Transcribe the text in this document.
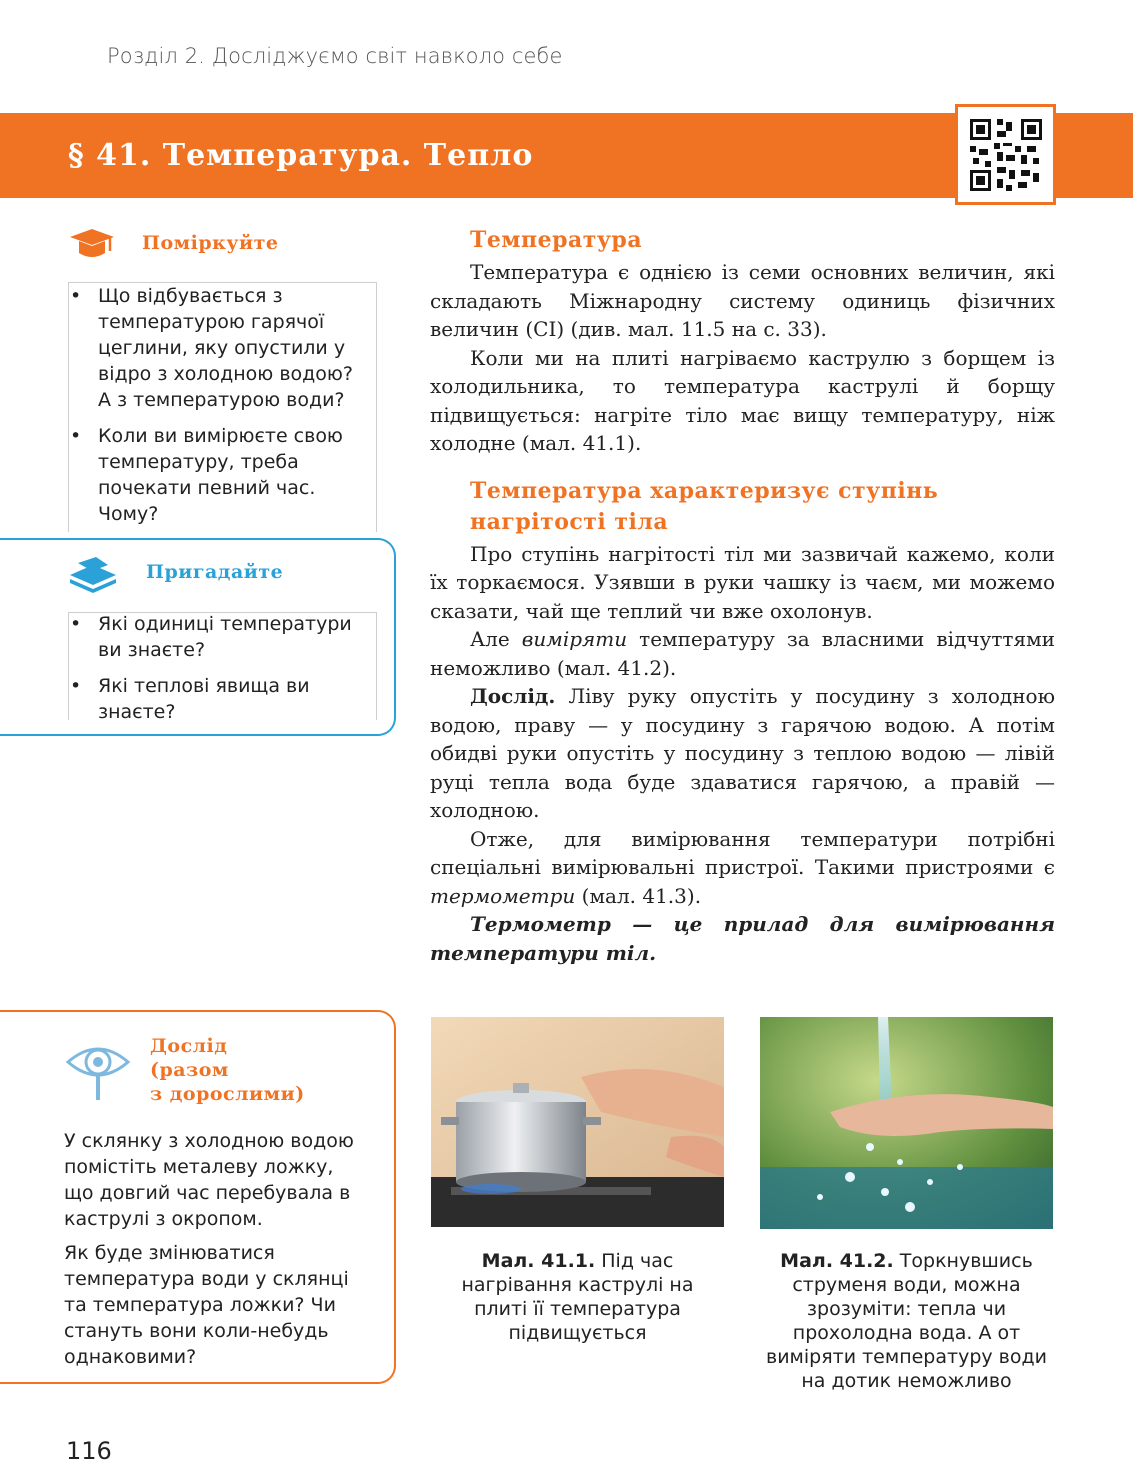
Розділ 2. Досліджуємо світ навколо себе
§ 41. Температура. Тепло
Поміркуйте
• Що відбувається з температурою гарячої цеглини, яку опустили у відро з холодною водою? А з температурою води?
• Коли ви вимірюєте свою температуру, треба почекати певний час. Чому?
Пригадайте
• Які одиниці температури ви знаєте?
• Які теплові явища ви знаєте?
Температура

Температура є однією із семи основних величин, які складають Міжнародну систему одиниць фізичних величин (СІ) (див. мал. 11.5 на с. 33).

Коли ми на плиті нагріваємо каструлю з борщем із холодильника, то температура каструлі й борщу підвищується: нагріте тіло має вищу температуру, ніж холодне (мал. 41.1).

Температура характеризує ступінь
нагрітості тіла

Про ступінь нагрітості тіл ми зазвичай кажемо, коли їх торкаємося. Узявши в руки чашку із чаєм, ми можемо сказати, чай ще теплий чи вже охолонув.

Але виміряти температуру за власними відчуттями неможливо (мал. 41.2).

Дослід. Ліву руку опустіть у посудину з холодною водою, праву — у посудину з гарячою водою. А потім обидві руки опустіть у посудину з теплою водою — лівій руці тепла вода буде здаватися гарячою, а правій — холодною.

Отже, для вимірювання температури потрібні спеціальні вимірювальні пристрої. Такими пристроями є термометри (мал. 41.3).

Термометр — це прилад для вимірювання температури тіл.

Дослід
(разом
з дорослими)
У склянку з холодною водою помістіть металеву ложку, що довгий час перебувала в каструлі з окропом.
Як буде змінюватися температура води у склянці та температура ложки? Чи стануть вони коли-небудь однаковими?
Мал. 41.1. Під час нагрівання каструлі на плиті її температура підвищується
Мал. 41.2. Торкнувшись струменя води, можна зрозуміти: тепла чи прохолодна вода. А от виміряти температуру води на дотик неможливо
116
